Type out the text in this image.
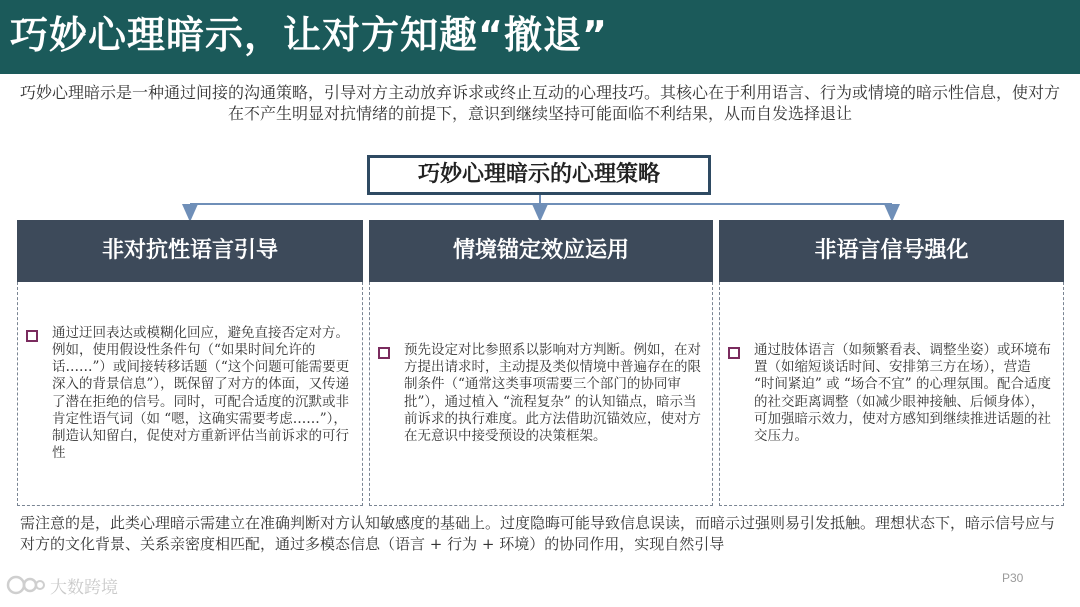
巧妙心理暗示，让对方知趣“撤退”
巧妙心理暗示是一种通过间接的沟通策略，引导对方主动放弃诉求或终止互动的心理技巧。其核心在于利用语言、行为或情境的暗示性信息，使对方在不产生明显对抗情绪的前提下，意识到继续坚持可能面临不利结果，从而自发选择退让
巧妙心理暗示的心理策略
非对抗性语言引导
通过迂回表达或模糊化回应，避免直接否定对方。例如，使用假设性条件句（“如果时间允许的话……”）或间接转移话题（“这个问题可能需要更深入的背景信息”），既保留了对方的体面，又传递了潜在拒绝的信号。同时，可配合适度的沉默或非肯定性语气词（如 “嗯，这确实需要考虑……”），制造认知留白，促使对方重新评估当前诉求的可行性
情境锚定效应运用
预先设定对比参照系以影响对方判断。例如，在对方提出请求时，主动提及类似情境中普遍存在的限制条件（“通常这类事项需要三个部门的协同审批”），通过植入 “流程复杂” 的认知锚点，暗示当前诉求的执行难度。此方法借助沉锚效应，使对方在无意识中接受预设的决策框架。
非语言信号强化
通过肢体语言（如频繁看表、调整坐姿）或环境布置（如缩短谈话时间、安排第三方在场），营造 “时间紧迫” 或 “场合不宜” 的心理氛围。配合适度的社交距离调整（如减少眼神接触、后倾身体），可加强暗示效力，使对方感知到继续推进话题的社交压力。
需注意的是，此类心理暗示需建立在准确判断对方认知敏感度的基础上。过度隐晦可能导致信息误读，而暗示过强则易引发抵触。理想状态下，暗示信号应与对方的文化背景、关系亲密度相匹配，通过多模态信息（语言 + 行为 + 环境）的协同作用，实现自然引导
大数跨境	P30
